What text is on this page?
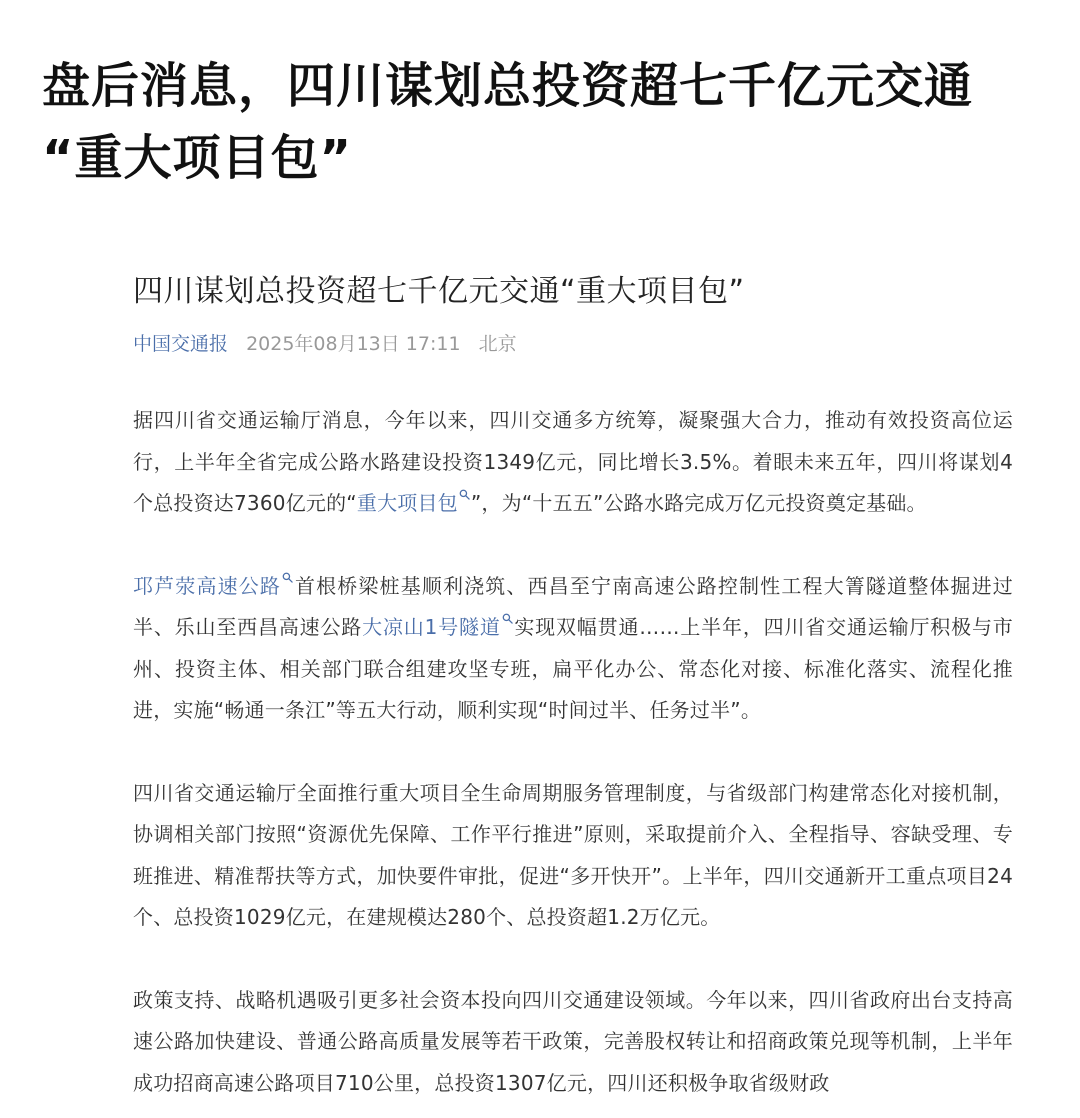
盘后消息，四川谋划总投资超七千亿元交通
“重大项目包”
四川谋划总投资超七千亿元交通“重大项目包”
中国交通报 2025年08月13日 17:11 北京

据四川省交通运输厅消息，今年以来，四川交通多方统筹，凝聚强大合力，推动有效投资高位运行，上半年全省完成公路水路建设投资1349亿元，同比增长3.5%。着眼未来五年，四川将谋划4个总投资达7360亿元的“重大项目包 ”，为“十五五”公路水路完成万亿元投资奠定基础。

邛芦荥高速公路 首根桥梁桩基顺利浇筑、西昌至宁南高速公路控制性工程大箐隧道整体掘进过半、乐山至西昌高速公路大凉山1号隧道 实现双幅贯通……上半年，四川省交通运输厅积极与市州、投资主体、相关部门联合组建攻坚专班，扁平化办公、常态化对接、标准化落实、流程化推进，实施“畅通一条江”等五大行动，顺利实现“时间过半、任务过半”。

四川省交通运输厅全面推行重大项目全生命周期服务管理制度，与省级部门构建常态化对接机制，协调相关部门按照“资源优先保障、工作平行推进”原则，采取提前介入、全程指导、容缺受理、专班推进、精准帮扶等方式，加快要件审批，促进“多开快开”。上半年，四川交通新开工重点项目24个、总投资1029亿元，在建规模达280个、总投资超1.2万亿元。

政策支持、战略机遇吸引更多社会资本投向四川交通建设领域。今年以来，四川省政府出台支持高速公路加快建设、普通公路高质量发展等若干政策，完善股权转让和招商政策兑现等机制，上半年成功招商高速公路项目710公里，总投资1307亿元，四川还积极争取省级财政
